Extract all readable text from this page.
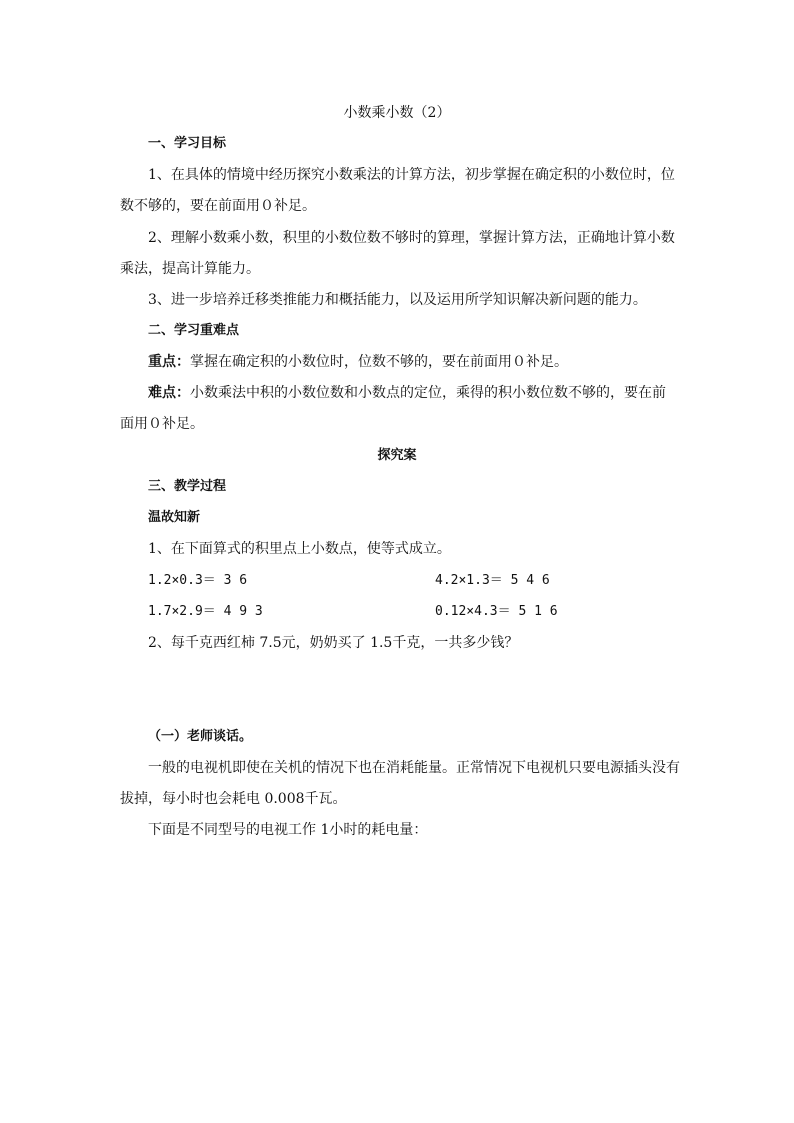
小数乘小数（2）
一、学习目标
1、在具体的情境中经历探究小数乘法的计算方法，初步掌握在确定积的小数位时，位
数不够的，要在前面用０补足。
2、理解小数乘小数，积里的小数位数不够时的算理，掌握计算方法，正确地计算小数
乘法，提高计算能力。
3、进一步培养迁移类推能力和概括能力，以及运用所学知识解决新问题的能力。
二、学习重难点
重点：掌握在确定积的小数位时，位数不够的，要在前面用０补足。
难点：小数乘法中积的小数位数和小数点的定位，乘得的积小数位数不够的，要在前
面用０补足。
探究案
三、教学过程
温故知新
1、在下面算式的积里点上小数点，使等式成立。
1.2×0.3＝ 3 6	4.2×1.3＝ 5 4 6
1.7×2.9＝ 4 9 3	0.12×4.3＝ 5 1 6
2、每千克西红柿 7.5元，奶奶买了 1.5千克，一共多少钱？
（一）老师谈话。
一般的电视机即使在关机的情况下也在消耗能量。正常情况下电视机只要电源插头没有
拔掉，每小时也会耗电 0.008千瓦。
下面是不同型号的电视工作 1小时的耗电量：
